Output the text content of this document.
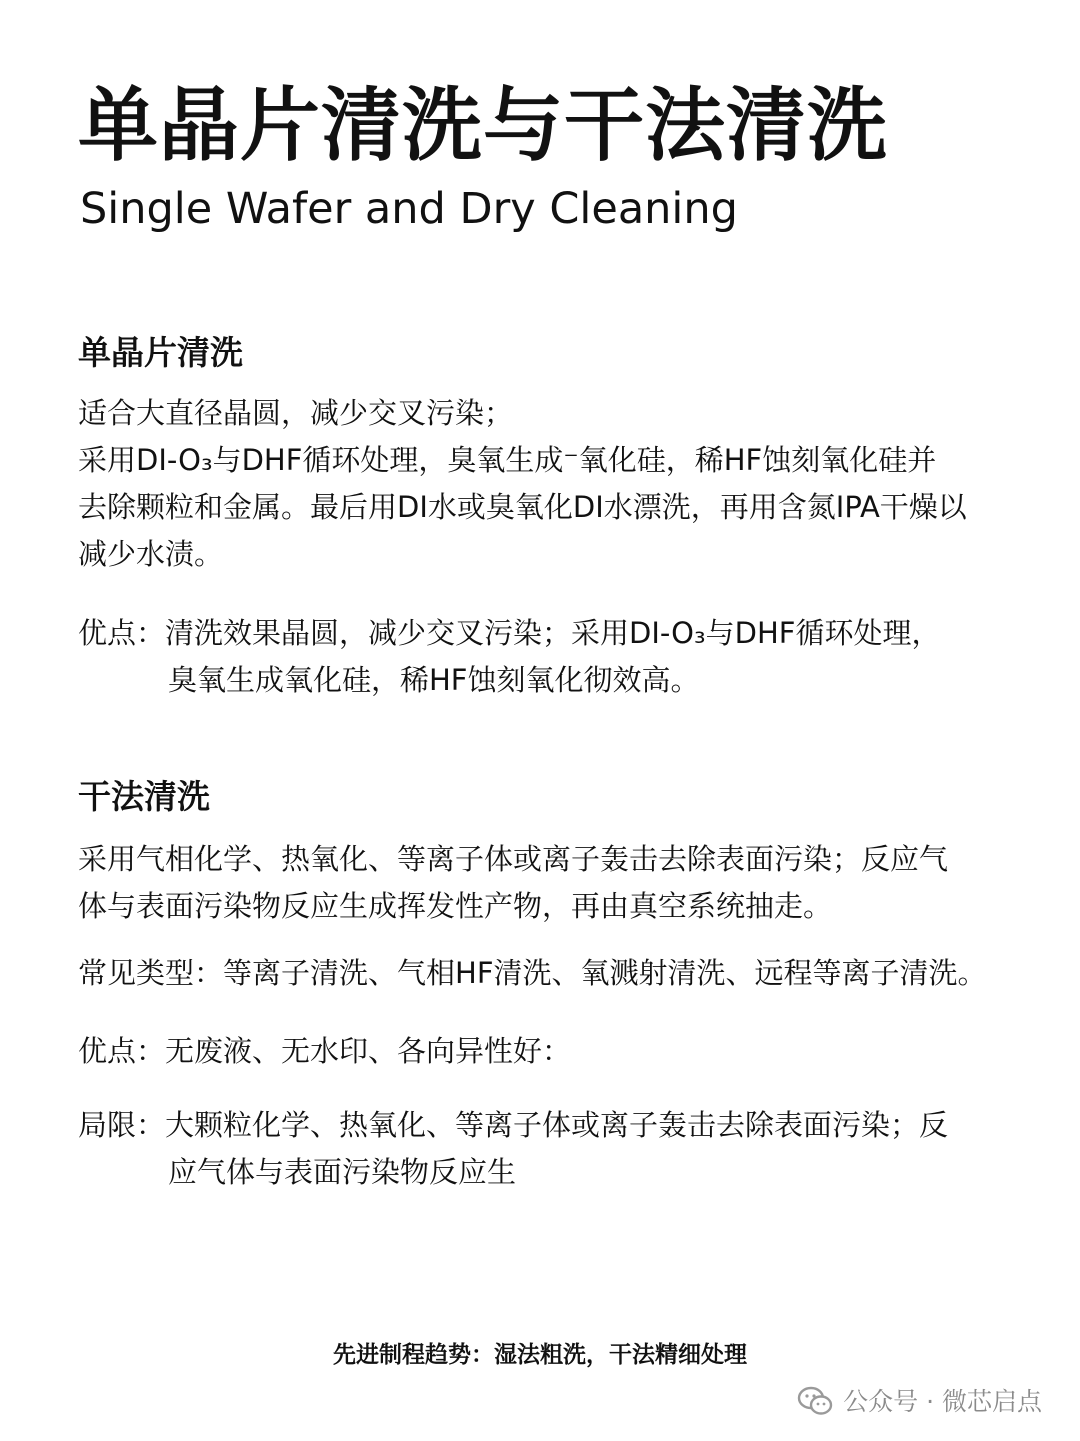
单晶片清洗与干法清洗
Single Wafer and Dry Cleaning
单晶片清洗
适合大直径晶圆，减少交叉污染；
采用DI-O₃与DHF循环处理，臭氧生成⁻氧化硅，稀HF蚀刻氧化硅并
去除颗粒和金属。最后用DI水或臭氧化DI水漂洗，再用含氮IPA干燥以
减少水渍。
优点： 清洗效果晶圆，减少交叉污染；采用DI-O₃与DHF循环处理，
臭氧生成氧化硅，稀HF蚀刻氧化彻效高。
干法清洗
采用气相化学、热氧化、等离子体或离子轰击去除表面污染；反应气
体与表面污染物反应生成挥发性产物，再由真空系统抽走。
常见类型： 等离子清洗、气相HF清洗、氧溅射清洗、远程等离子清洗。
优点： 无废液、无水印、各向异性好：
局限： 大颗粒化学、热氧化、等离子体或离子轰击去除表面污染；反
应气体与表面污染物反应生
先进制程趋势：湿法粗洗，干法精细处理
公众号 · 微芯启点
